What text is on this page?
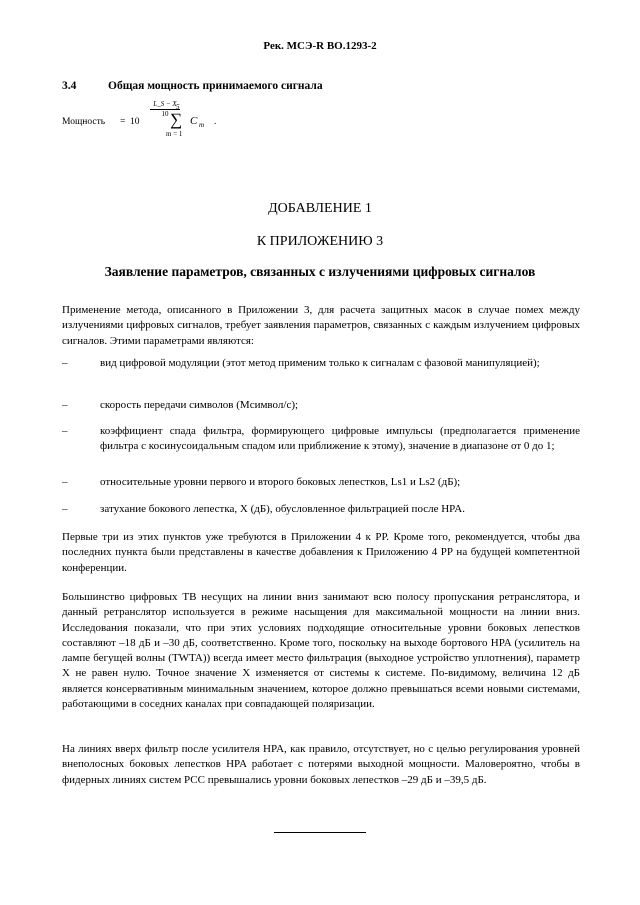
Рек. МСЭ-R BO.1293-2
3.4	Общая мощность принимаемого сигнала
Мощность = 10
L_S − X
10
5
∑
m = 1
C m .
ДОБАВЛЕНИЕ 1
К ПРИЛОЖЕНИЮ 3
Заявление параметров, связанных с излучениями цифровых сигналов
Применение метода, описанного в Приложении 3, для расчета защитных масок в случае помех между излучениями цифровых сигналов, требует заявления параметров, связанных с каждым излучением цифровых сигналов. Этими параметрами являются:
–	вид цифровой модуляции (этот метод применим только к сигналам с фазовой манипуляцией);
–	скорость передачи символов (Мсимвол/с);
–	коэффициент спада фильтра, формирующего цифровые импульсы (предполагается применение фильтра с косинусоидальным спадом или приближение к этому), значение в диапазоне от 0 до 1;
–	относительные уровни первого и второго боковых лепестков, Ls1 и Ls2 (дБ);
–	затухание бокового лепестка, X (дБ), обусловленное фильтрацией после HPA.
Первые три из этих пунктов уже требуются в Приложении 4 к РР. Кроме того, рекомендуется, чтобы два последних пункта были представлены в качестве добавления к Приложению 4 РР на будущей компетентной конференции.
Большинство цифровых ТВ несущих на линии вниз занимают всю полосу пропускания ретранслятора, и данный ретранслятор используется в режиме насыщения для максимальной мощности на линии вниз. Исследования показали, что при этих условиях подходящие относительные уровни боковых лепестков составляют –18 дБ и –30 дБ, соответственно. Кроме того, поскольку на выходе бортового HPA (усилитель на лампе бегущей волны (TWTA)) всегда имеет место фильтрация (выходное устройство уплотнения), параметр X не равен нулю. Точное значение X изменяется от системы к системе. По-видимому, величина 12 дБ является консервативным минимальным значением, которое должно превышаться всеми новыми системами, работающими в соседних каналах при совпадающей поляризации.
На линиях вверх фильтр после усилителя HPA, как правило, отсутствует, но с целью регулирования уровней внеполосных боковых лепестков HPA работает с потерями выходной мощности. Маловероятно, чтобы в фидерных линиях систем РСС превышались уровни боковых лепестков –29 дБ и –39,5 дБ.
